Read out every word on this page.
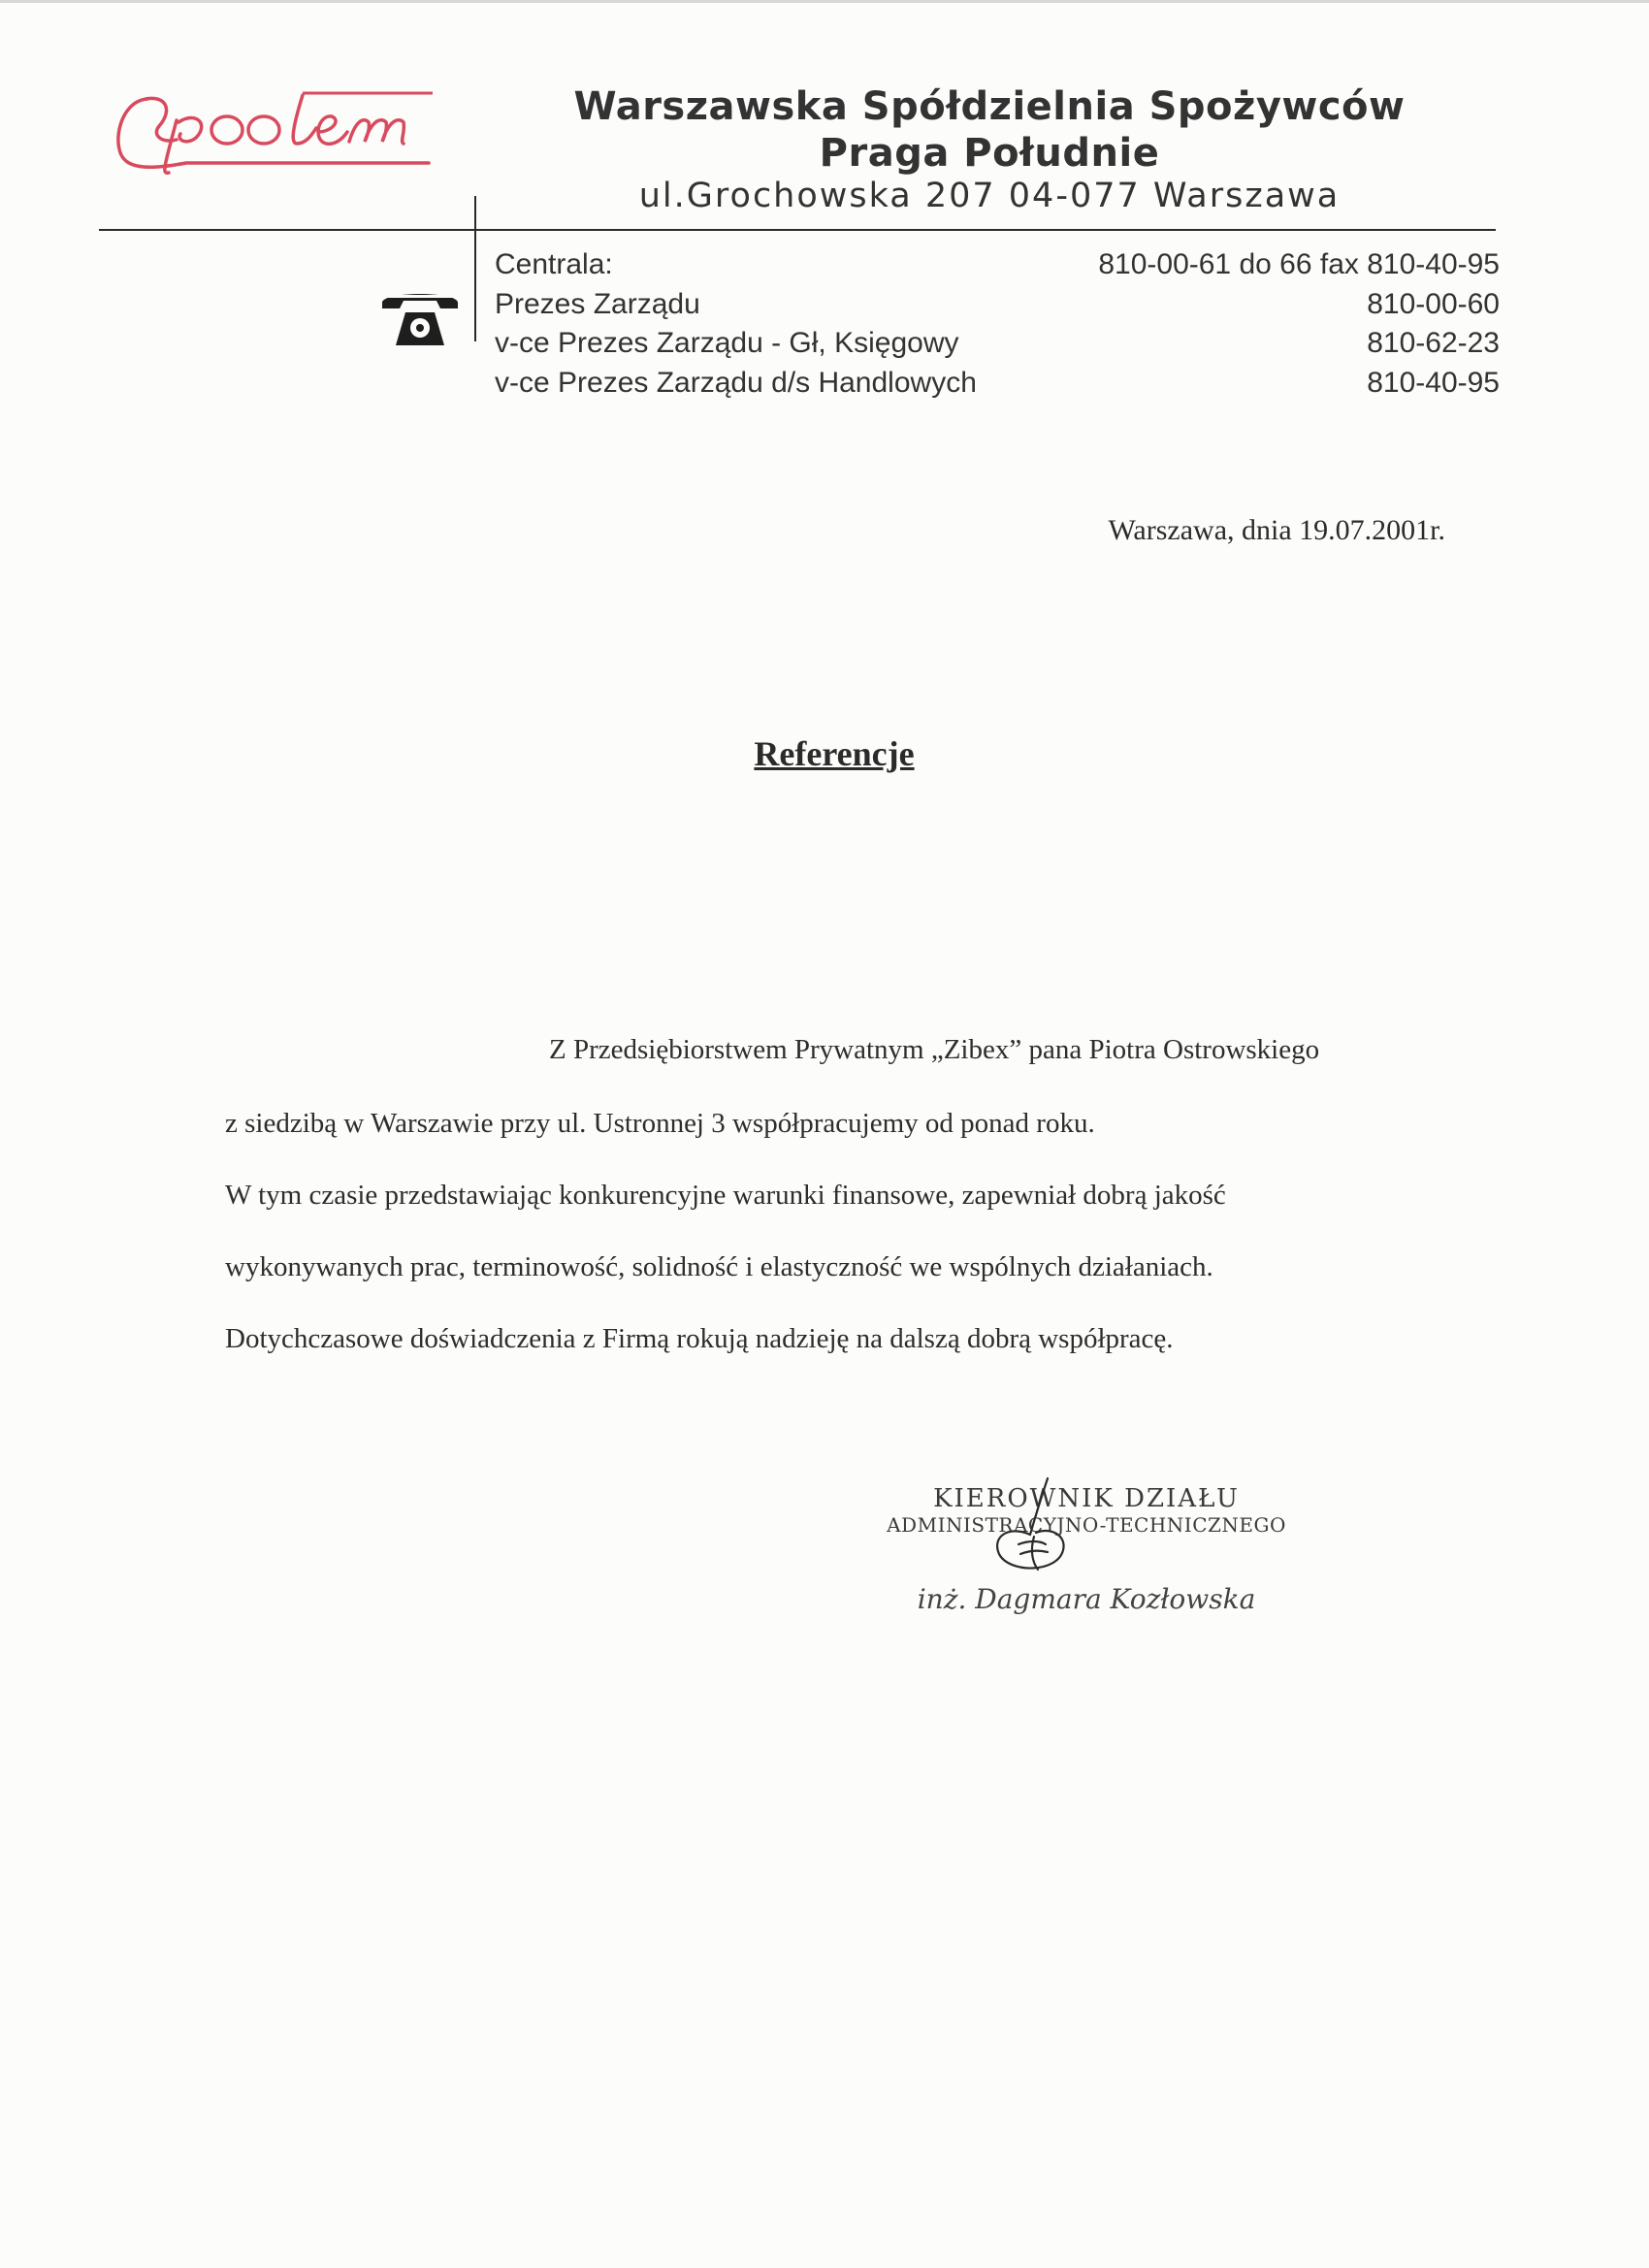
Warszawska Spółdzielnia Spożywców
Praga Południe
ul.Grochowska 207 04-077 Warszawa
Centrala:	810-00-61 do 66 fax 810-40-95
Prezes Zarządu	810-00-60
v-ce Prezes Zarządu - Gł, Księgowy	810-62-23
v-ce Prezes Zarządu d/s Handlowych	810-40-95
Warszawa, dnia 19.07.2001r.
Referencje
Z Przedsiębiorstwem Prywatnym „Zibex” pana Piotra Ostrowskiego
z siedzibą w Warszawie przy ul. Ustronnej 3 współpracujemy od ponad roku.
W tym czasie przedstawiając konkurencyjne warunki finansowe, zapewniał dobrą jakość
wykonywanych prac, terminowość, solidność i elastyczność we wspólnych działaniach.
Dotychczasowe doświadczenia z Firmą rokują nadzieję na dalszą dobrą współpracę.
KIEROWNIK DZIAŁU
ADMINISTRACYJNO-TECHNICZNEGO
inż. Dagmara Kozłowska
